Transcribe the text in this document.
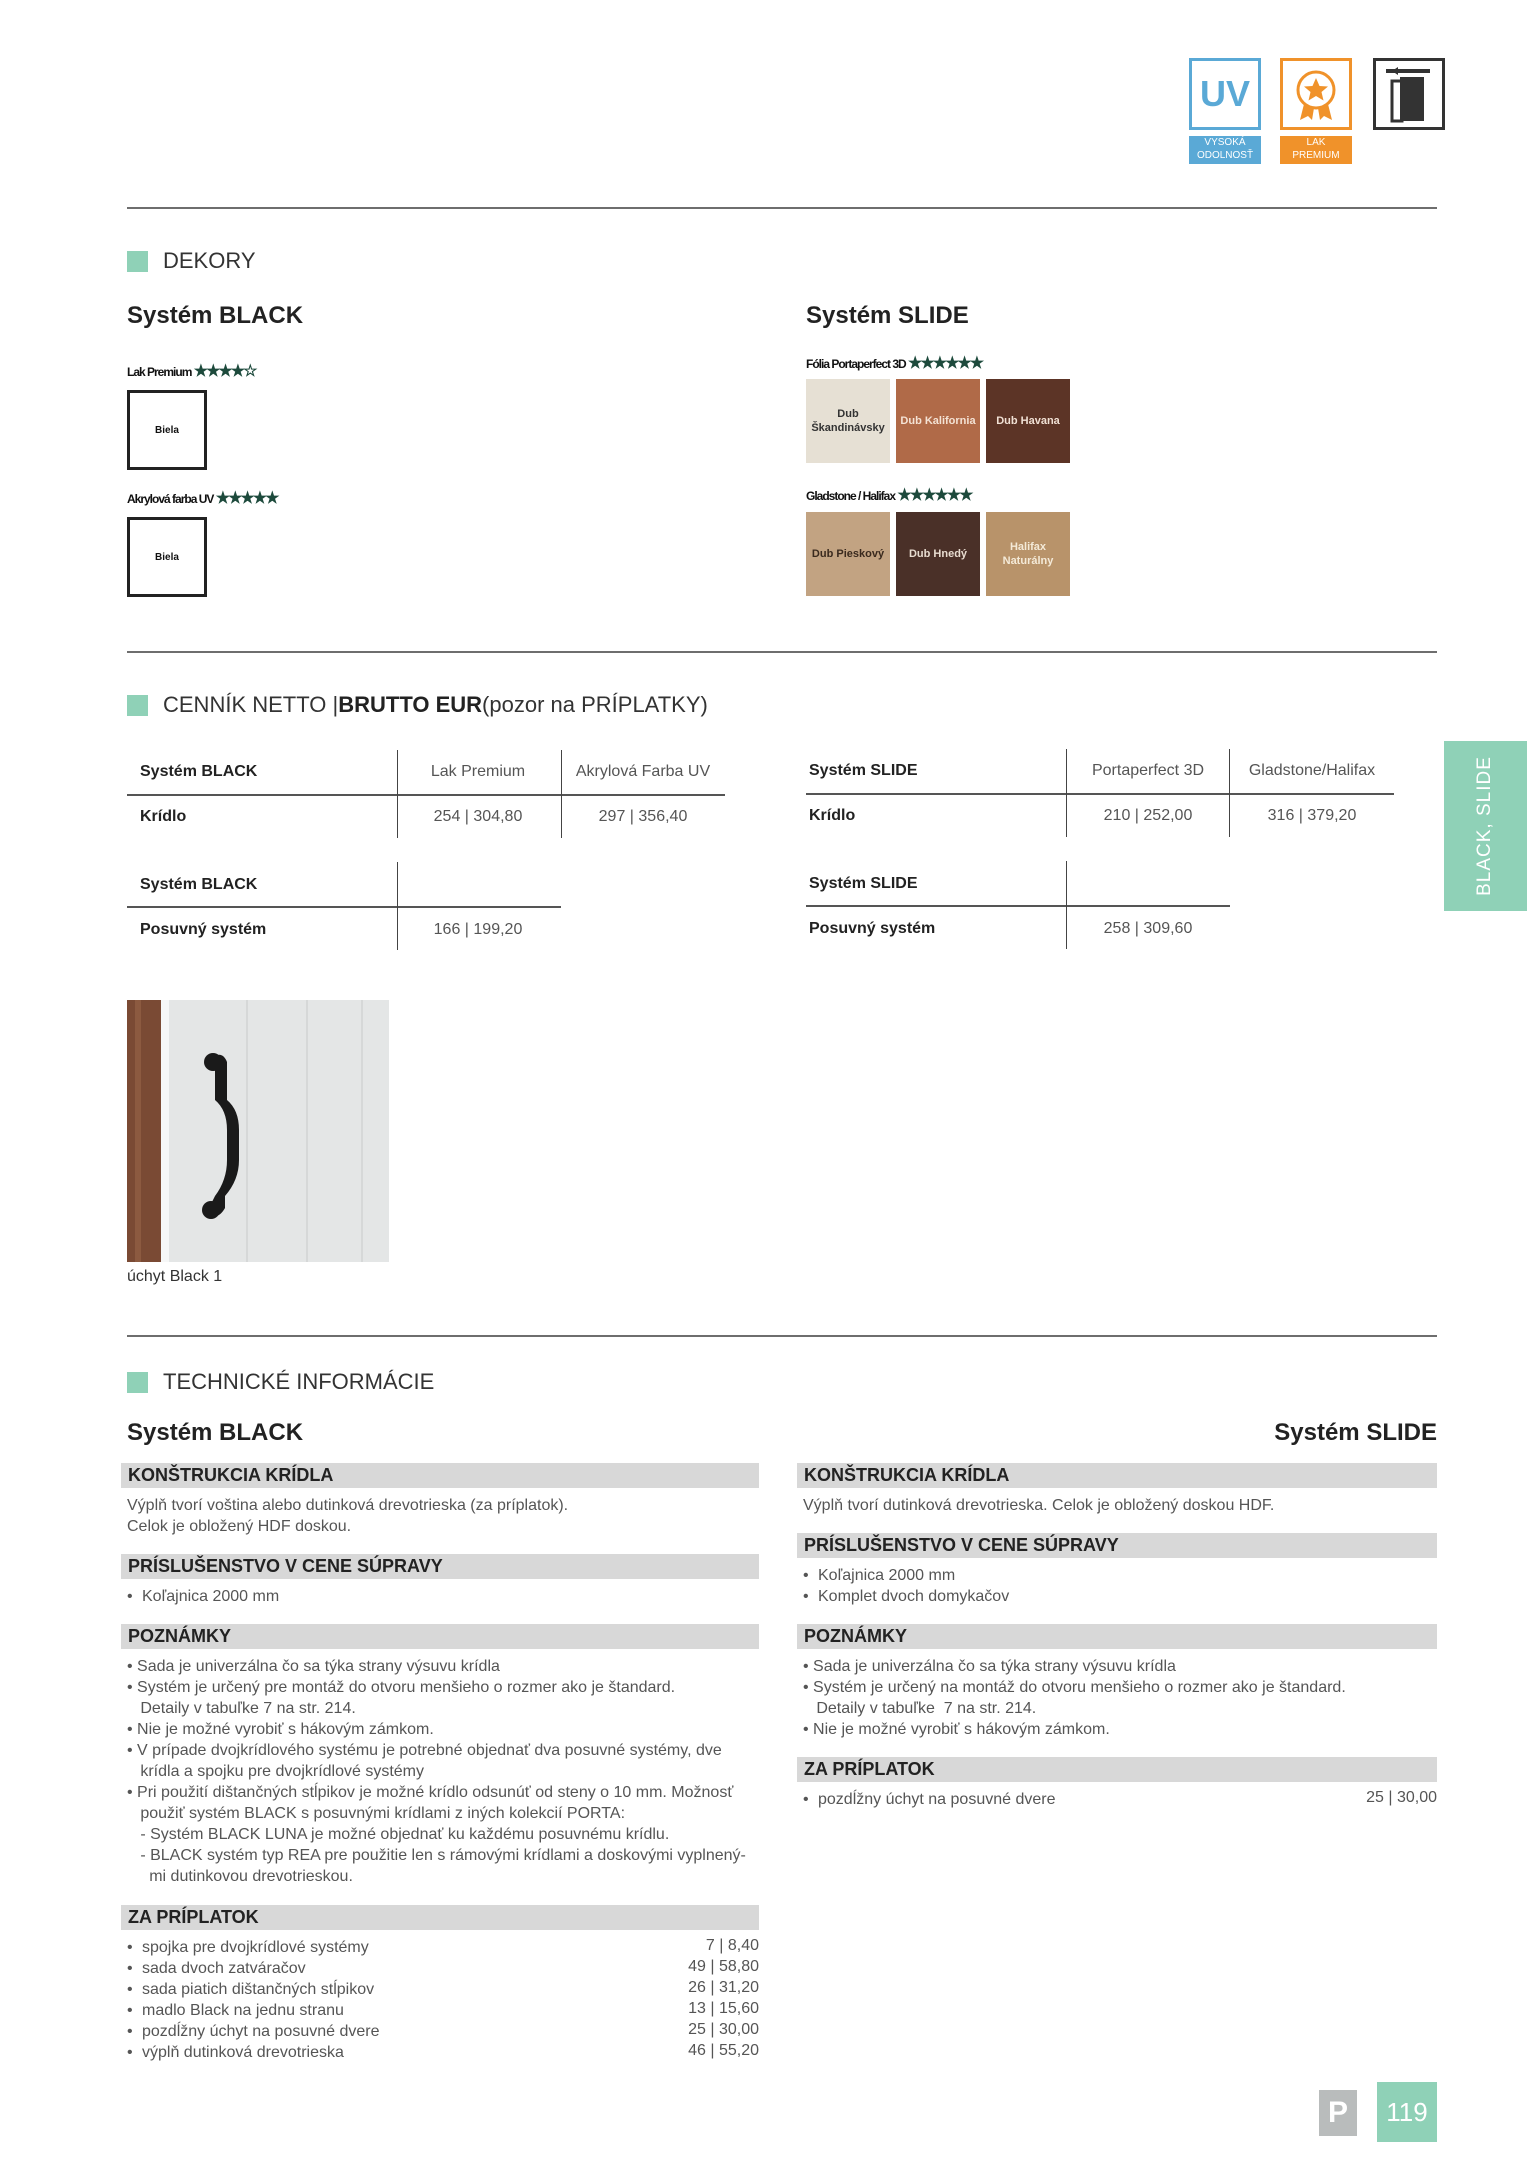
UV
VYSOKÁ
ODOLNOSŤ
LAK
PREMIUM
DEKORY
Systém BLACK
Lak Premium ★★★★☆
Biela
Akrylová farba UV ★★★★★
Biela
Systém SLIDE
Fólia Portaperfect 3D ★★★★★★
Dub Škandinávsky
Dub Kalifornia Dub Havana
Gladstone / Halifax ★★★★★★
Dub Pieskový Dub Hnedý
Halifax Naturálny
CENNÍK NETTO | BRUTTO EUR (pozor na PRÍPLATKY)
Systém BLACK	Lak Premium	Akrylová Farba UV
Krídlo	254 | 304,80	297 | 356,40
Systém BLACK
Posuvný systém	166 | 199,20
Systém SLIDE	Portaperfect 3D	Gladstone/Halifax
Krídlo	210 | 252,00	316 | 379,20
Systém SLIDE
Posuvný systém	258 | 309,60
BLACK, SLIDE
úchyt Black 1
TECHNICKÉ INFORMÁCIE
Systém BLACK
KONŠTRUKCIA KRÍDLA
Výplň tvorí voština alebo dutinková drevotrieska (za príplatok).
Celok je obložený HDF doskou.
PRÍSLUŠENSTVO V CENE SÚPRAVY
• Koľajnica 2000 mm
POZNÁMKY
• Sada je univerzálna čo sa týka strany výsuvu krídla
• Systém je určený pre montáž do otvoru menšieho o rozmer ako je štandard.
Detaily v tabuľke 7 na str. 214.
• Nie je možné vyrobiť s hákovým zámkom.
• V prípade dvojkrídlového systému je potrebné objednať dva posuvné systémy, dve
krídla a spojku pre dvojkrídlové systémy
• Pri použití dištančných stĺpikov je možné krídlo odsunúť od steny o 10 mm. Možnosť
použiť systém BLACK s posuvnými krídlami z iných kolekcií PORTA:
- Systém BLACK LUNA je možné objednať ku každému posuvnému krídlu.
- BLACK systém typ REA pre použitie len s rámovými krídlami a doskovými vyplnený-
mi dutinkovou drevotrieskou.
ZA PRÍPLATOK
• spojka pre dvojkrídlové systémy	7 | 8,40
• sada dvoch zatváračov	49 | 58,80
• sada piatich dištančných stĺpikov	26 | 31,20
• madlo Black na jednu stranu	13 | 15,60
• pozdĺžny úchyt na posuvné dvere	25 | 30,00
• výplň dutinková drevotrieska	46 | 55,20
Systém SLIDE
KONŠTRUKCIA KRÍDLA
Výplň tvorí dutinková drevotrieska. Celok je obložený doskou HDF.
PRÍSLUŠENSTVO V CENE SÚPRAVY
• Koľajnica 2000 mm
• Komplet dvoch domykačov
POZNÁMKY
• Sada je univerzálna čo sa týka strany výsuvu krídla
• Systém je určený na montáž do otvoru menšieho o rozmer ako je štandard.
Detaily v tabuľke  7 na str. 214.
• Nie je možné vyrobiť s hákovým zámkom.
ZA PRÍPLATOK
• pozdĺžny úchyt na posuvné dvere	25 | 30,00
P 119
